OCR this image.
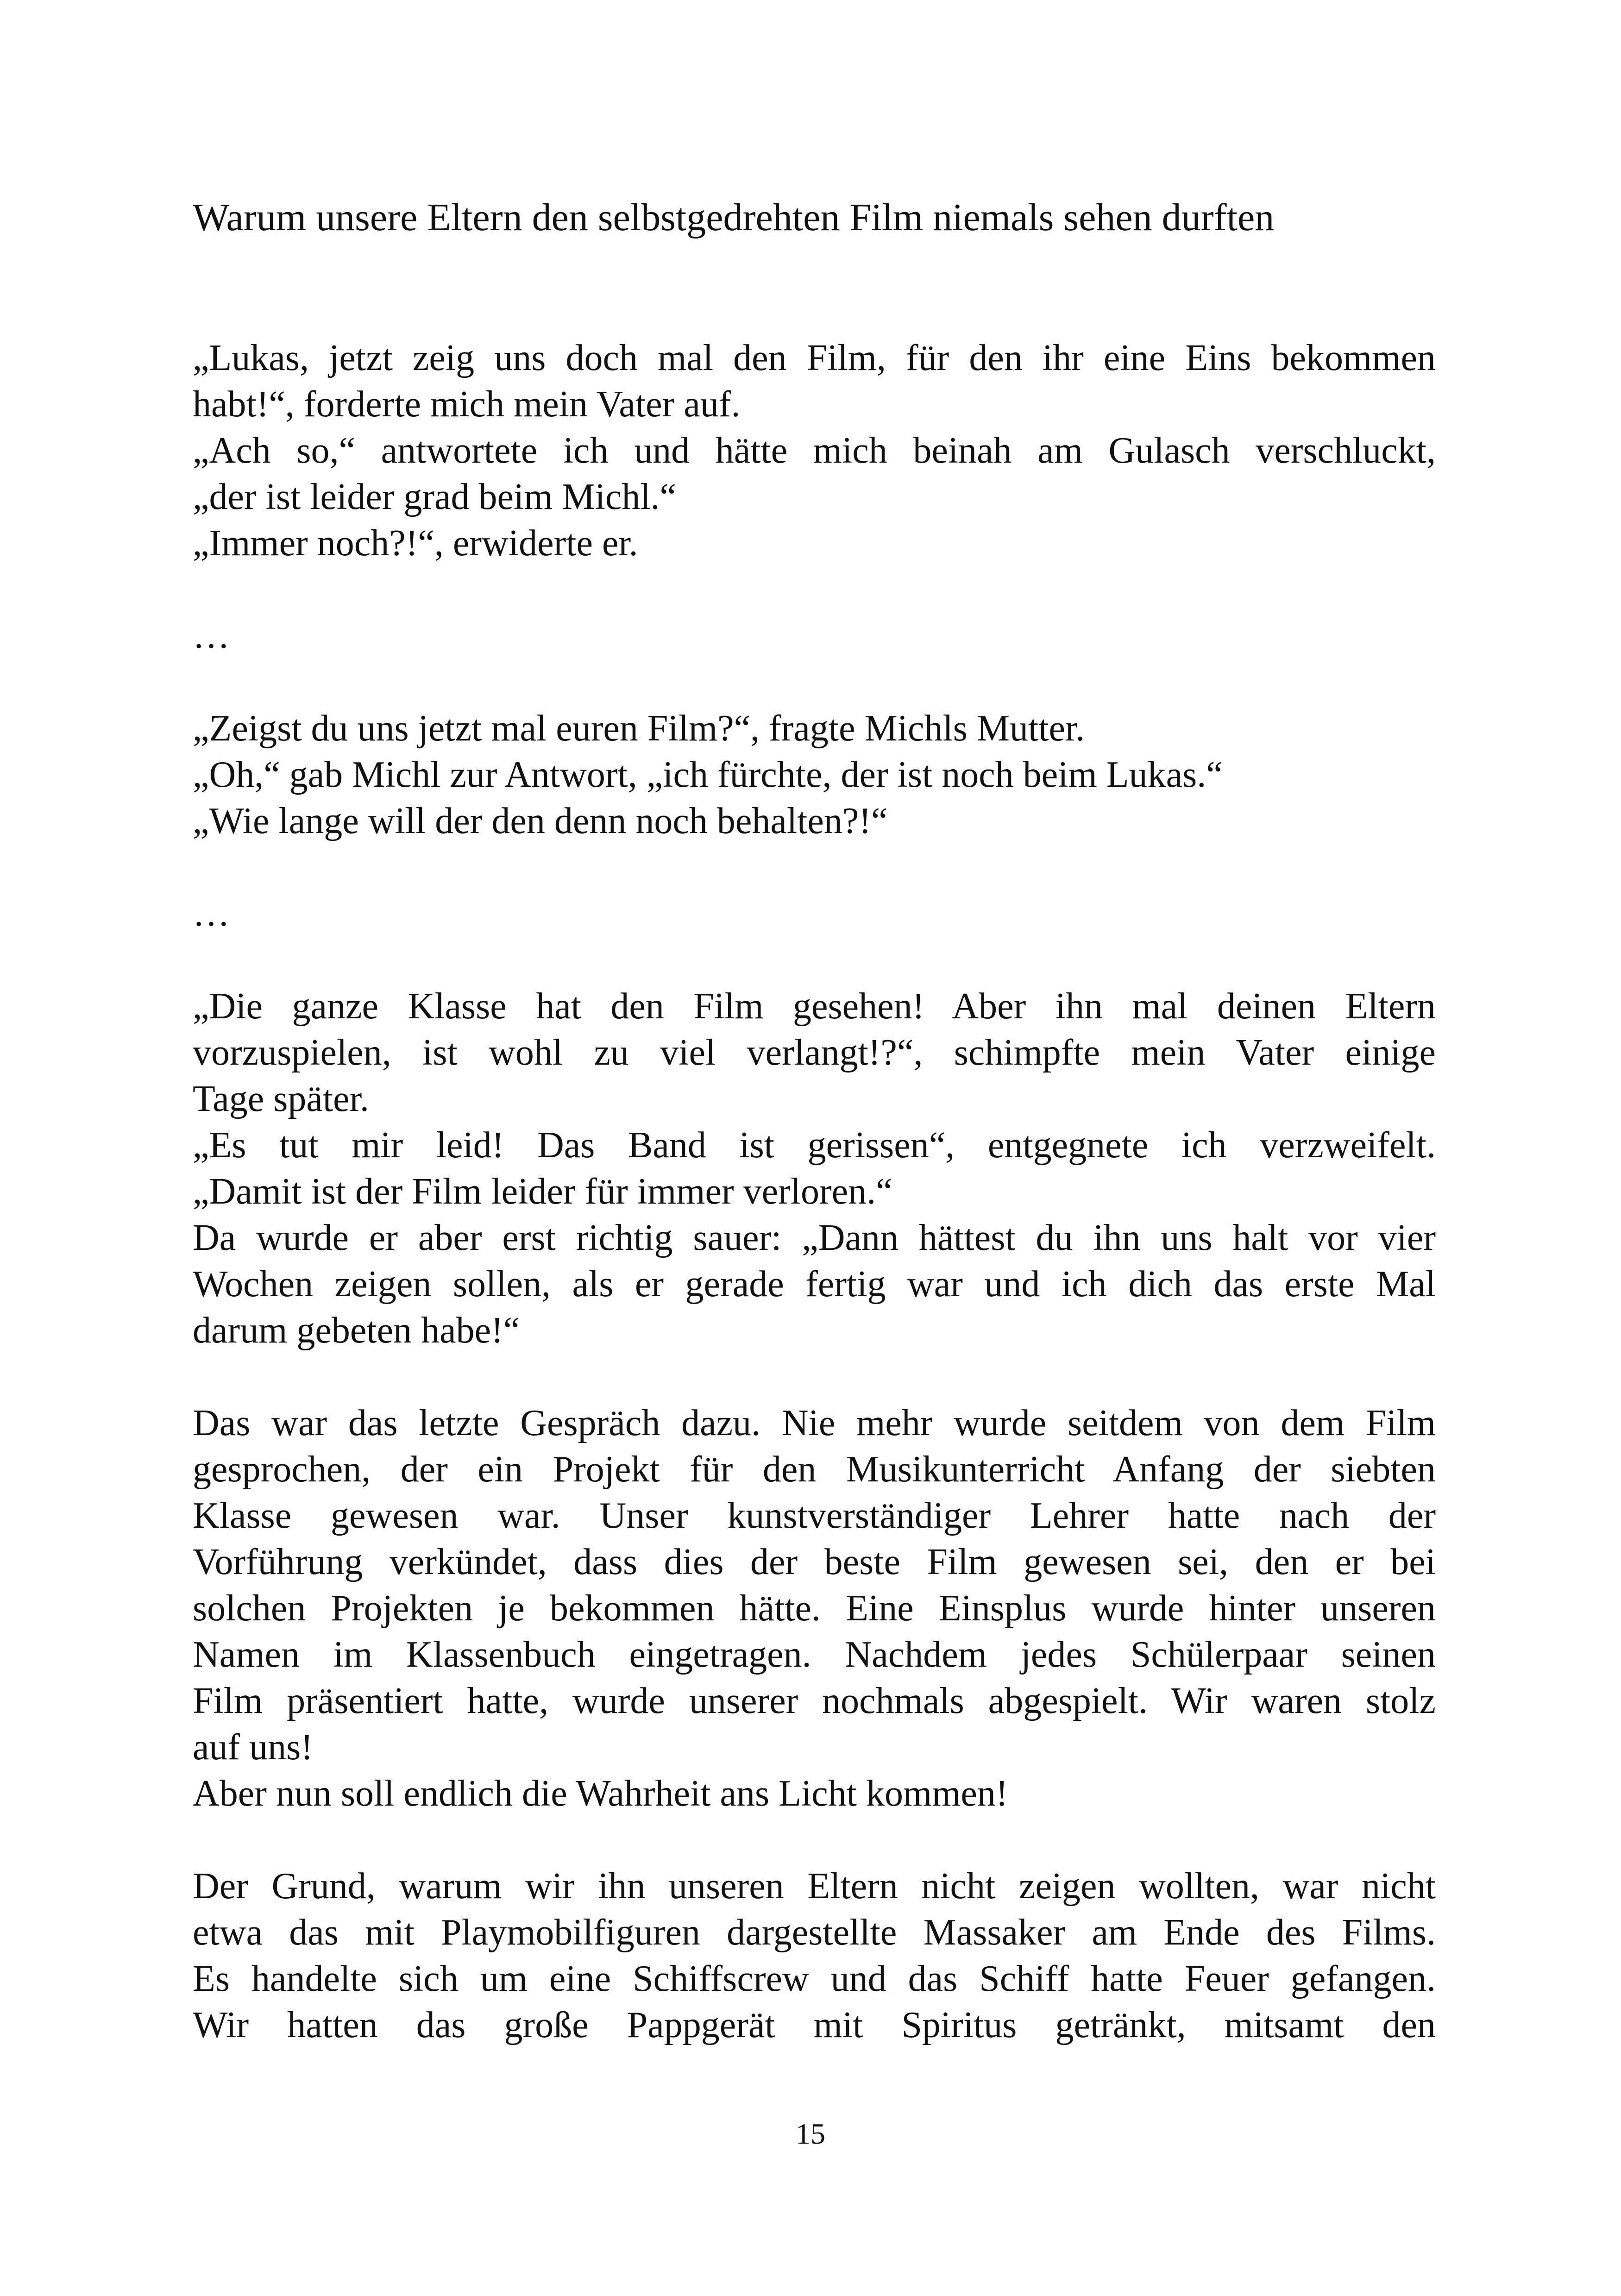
Warum unsere Eltern den selbstgedrehten Film niemals sehen durften
„Lukas, jetzt zeig uns doch mal den Film, für den ihr eine Eins bekommen
habt!“, forderte mich mein Vater auf.
„Ach so,“ antwortete ich und hätte mich beinah am Gulasch verschluckt,
„der ist leider grad beim Michl.“
„Immer noch?!“, erwiderte er.
…
„Zeigst du uns jetzt mal euren Film?“, fragte Michls Mutter.
„Oh,“ gab Michl zur Antwort, „ich fürchte, der ist noch beim Lukas.“
„Wie lange will der den denn noch behalten?!“
…
„Die ganze Klasse hat den Film gesehen! Aber ihn mal deinen Eltern
vorzuspielen, ist wohl zu viel verlangt!?“, schimpfte mein Vater einige
Tage später.
„Es tut mir leid! Das Band ist gerissen“, entgegnete ich verzweifelt.
„Damit ist der Film leider für immer verloren.“
Da wurde er aber erst richtig sauer: „Dann hättest du ihn uns halt vor vier
Wochen zeigen sollen, als er gerade fertig war und ich dich das erste Mal
darum gebeten habe!“
Das war das letzte Gespräch dazu. Nie mehr wurde seitdem von dem Film
gesprochen, der ein Projekt für den Musikunterricht Anfang der siebten
Klasse gewesen war. Unser kunstverständiger Lehrer hatte nach der
Vorführung verkündet, dass dies der beste Film gewesen sei, den er bei
solchen Projekten je bekommen hätte. Eine Einsplus wurde hinter unseren
Namen im Klassenbuch eingetragen. Nachdem jedes Schülerpaar seinen
Film präsentiert hatte, wurde unserer nochmals abgespielt. Wir waren stolz
auf uns!
Aber nun soll endlich die Wahrheit ans Licht kommen!
Der Grund, warum wir ihn unseren Eltern nicht zeigen wollten, war nicht
etwa das mit Playmobilfiguren dargestellte Massaker am Ende des Films.
Es handelte sich um eine Schiffscrew und das Schiff hatte Feuer gefangen.
Wir hatten das große Pappgerät mit Spiritus getränkt, mitsamt den
15
